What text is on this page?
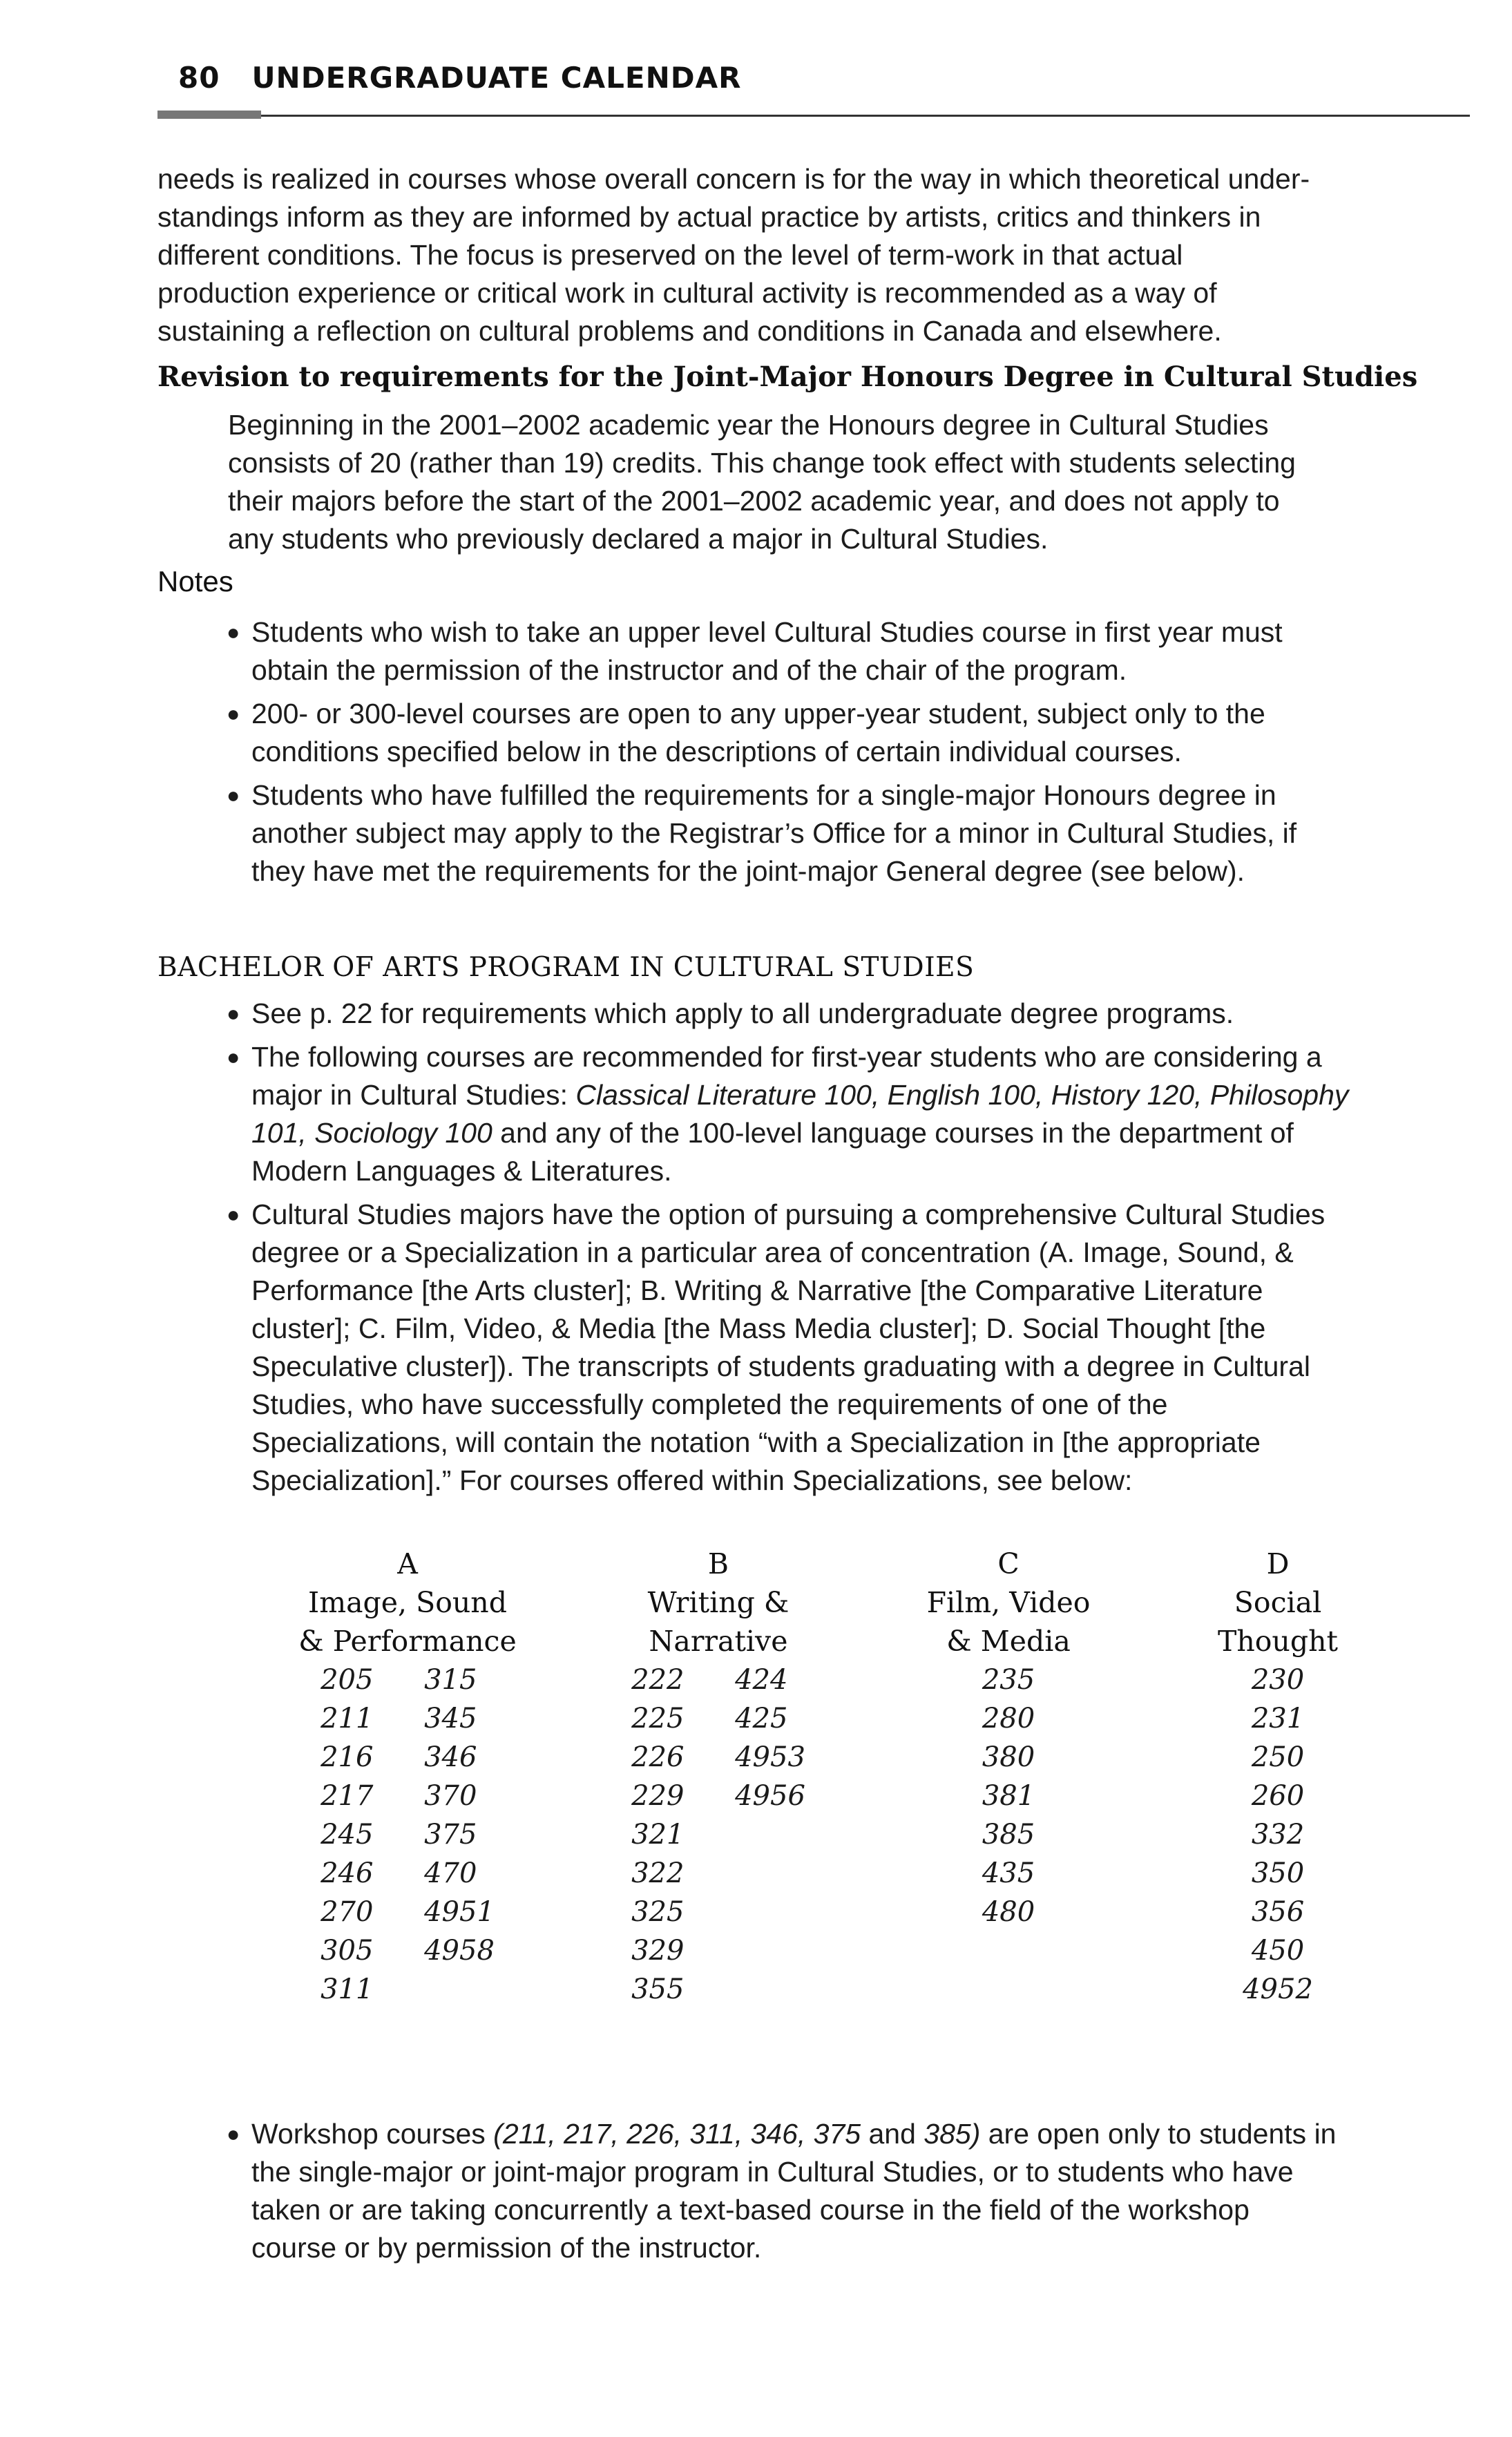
80 UNDERGRADUATE CALENDAR
needs is realized in courses whose overall concern is for the way in which theoretical under-
standings inform as they are informed by actual practice by artists, critics and thinkers in
different conditions. The focus is preserved on the level of term-work in that actual
production experience or critical work in cultural activity is recommended as a way of
sustaining a reflection on cultural problems and conditions in Canada and elsewhere.
Revision to requirements for the Joint-Major Honours Degree in Cultural Studies
Beginning in the 2001–2002 academic year the Honours degree in Cultural Studies
consists of 20 (rather than 19) credits. This change took effect with students selecting
their majors before the start of the 2001–2002 academic year, and does not apply to
any students who previously declared a major in Cultural Studies.
Notes
● Students who wish to take an upper level Cultural Studies course in first year must
obtain the permission of the instructor and of the chair of the program.
● 200- or 300-level courses are open to any upper-year student, subject only to the
conditions specified below in the descriptions of certain individual courses.
● Students who have fulfilled the requirements for a single-major Honours degree in
another subject may apply to the Registrar’s Office for a minor in Cultural Studies, if
they have met the requirements for the joint-major General degree (see below).
BACHELOR OF ARTS PROGRAM IN CULTURAL STUDIES
● See p. 22 for requirements which apply to all undergraduate degree programs.
● The following courses are recommended for first-year students who are considering a
major in Cultural Studies: Classical Literature 100, English 100, History 120, Philosophy
101, Sociology 100 and any of the 100-level language courses in the department of
Modern Languages & Literatures.
● Cultural Studies majors have the option of pursuing a comprehensive Cultural Studies
degree or a Specialization in a particular area of concentration (A. Image, Sound, &
Performance [the Arts cluster]; B. Writing & Narrative [the Comparative Literature
cluster]; C. Film, Video, & Media [the Mass Media cluster]; D. Social Thought [the
Speculative cluster]). The transcripts of students graduating with a degree in Cultural
Studies, who have successfully completed the requirements of one of the
Specializations, will contain the notation “with a Specialization in [the appropriate
Specialization].” For courses offered within Specializations, see below:
A
Image, Sound
& Performance
205
211
216
217
245
246
270
305
311
315
345
346
370
375
470
4951
4958
B
Writing &
Narrative
222
225
226
229
321
322
325
329
355
424
425
4953
4956
C
Film, Video
& Media
235
280
380
381
385
435
480
D
Social
Thought
230
231
250
260
332
350
356
450
4952
● Workshop courses (211, 217, 226, 311, 346, 375 and 385) are open only to students in
the single-major or joint-major program in Cultural Studies, or to students who have
taken or are taking concurrently a text-based course in the field of the workshop
course or by permission of the instructor.
